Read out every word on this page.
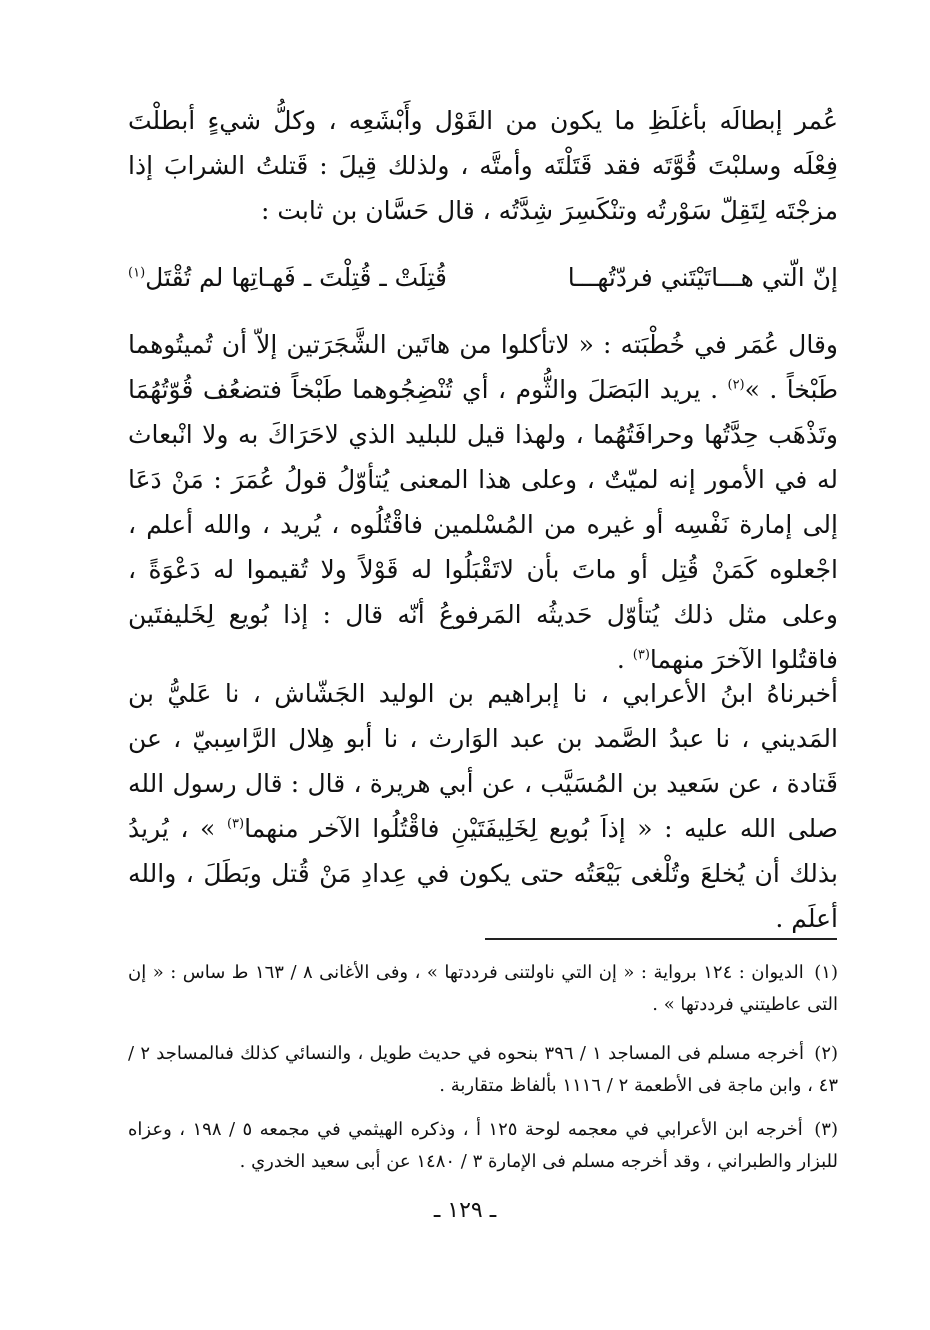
عُمر إبطالَه بأغلَظِ ما يكون من القَوْل وأَبْشَعِه ، وكلُّ شيءٍ أبطلْتَ فِعْلَه وسلبْتَ قُوَّتَه فقد قَتَلْتَه وأمتَّه ، ولذلك قِيلَ : قَتلتُ الشرابَ إذا مزجْتَه لِتَقِلّ سَوْرتُه وتنْكَسِرَ شِدَّتُه ، قال حَسَّان بن ثابت :

إنّ الّتي هـــاتَيْتَني فردّتُهـــا
قُتِلَتْ ـ قُتِلْتَ ـ فَهـاتِها لم تُقْتَل$^{(١)}$

وقال عُمَر في خُطْبَته : « لاتأكلوا من هاتَين الشَّجَرَتين إلاّ أن تُميتُوهما طَبْخاً . »$^{(٢)}$ . يريد البَصَلَ والثُّوم ، أي تُنْضِجُوهما طَبْخاً فتضعُف قُوّتُهُمَا وتَذْهَب حِدَّتُها وحرافَتُهُما ، ولهذا قيل للبليد الذي لاحَرَاكَ به ولا انْبعاث له في الأمور إنه لميّتٌ ، وعلى هذا المعنى يُتأوّلُ قولُ عُمَرَ : مَنْ دَعَا إلى إمارة نَفْسِه أو غيره من المُسْلمين فاقْتُلُوه ، يُريد ، والله أعلم ، اجْعلوه كَمَنْ قُتِل أو ماتَ بأن لاتَقْبَلُوا له قَوْلاً ولا تُقيموا له دَعْوَةً ، وعلى مثل ذلك يُتأوّل حَديثُه المَرفوعُ أنّه قال : إذا بُويع لِخَليفتَين فاقتُلوا الآخرَ منهما$^{(٣)}$ .

أخبرناهُ ابنُ الأعرابي ، نا إبراهيم بن الوليد الجَشّاش ، نا عَليُّ بن المَديني ، نا عبدُ الصَّمد بن عبد الوَارث ، نا أبو هِلال الرَّاسِبيّ ، عن قَتادة ، عن سَعيد بن المُسَيَّب ، عن أبي هريرة ، قال : قال رسول الله صلى الله عليه : « إذاَ بُويع لِخَلِيفَتَيْنِ فاقْتُلُوا الآخر منهما$^{(٣)}$ » ، يُريدُ بذلك أن يُخلعَ وتُلْغى بَيْعَتُه حتى يكون في عِدادِ مَنْ قُتل وبَطَلَ ، والله أعلَم .

(١) الديوان : ١٢٤ برواية : « إن التي ناولتنى فرددتها » ، وفى الأغانى ٨ / ١٦٣ ط ساس : « إن التى عاطيتني فرددتها » .

(٢) أخرجه مسلم فى المساجد ١ / ٣٩٦ بنحوه في حديث طويل ، والنسائي كذلك فىالمساجد ٢ / ٤٣ ، وابن ماجة فى الأطعمة ٢ / ١١١٦ بألفاظ متقاربة .

(٣) أخرجه ابن الأعرابي في معجمه لوحة ١٢٥ أ ، وذكره الهيثمي في مجمعه ٥ / ١٩٨ ، وعزاه للبزار والطبراني ، وقد أخرجه مسلم فى الإمارة ٣ / ١٤٨٠ عن أبى سعيد الخدري .

ـ ١٢٩ ـ
